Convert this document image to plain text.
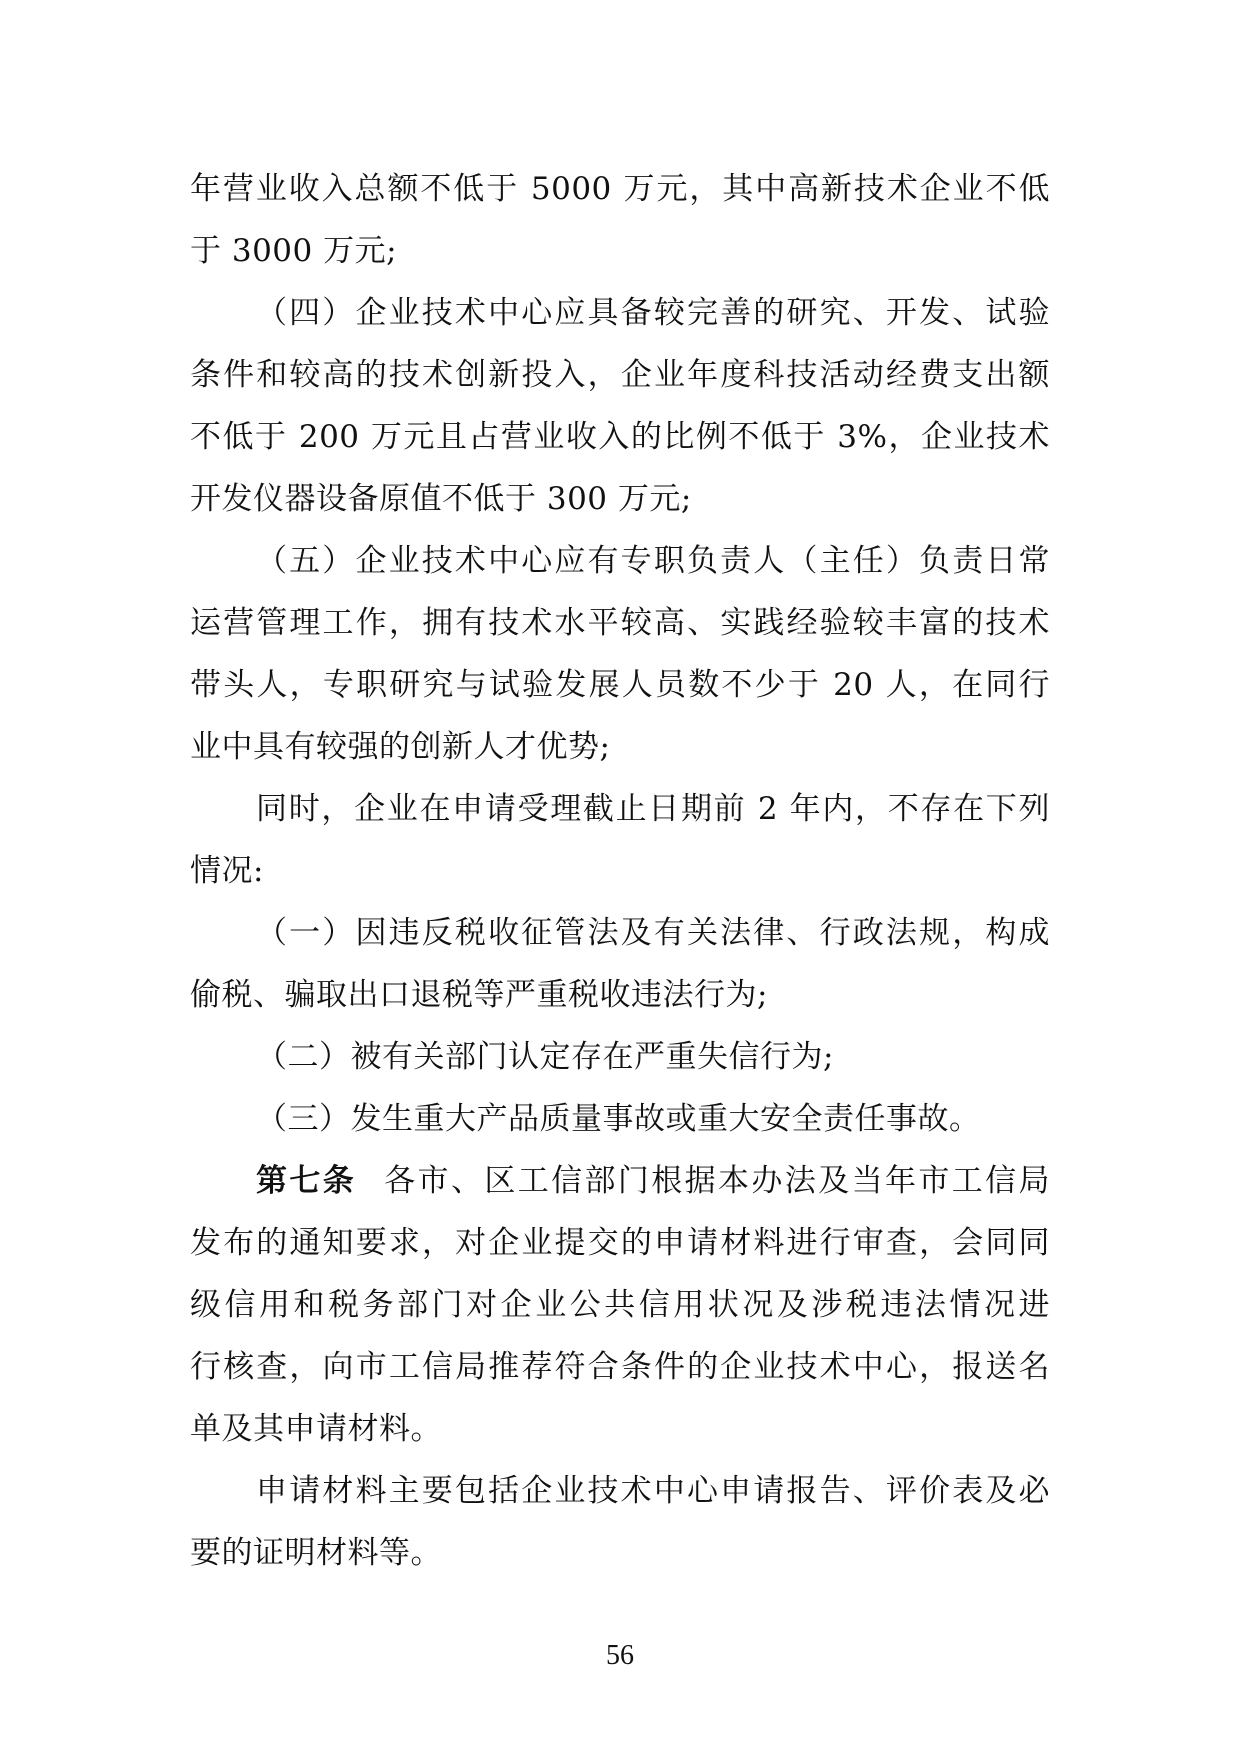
年营业收入总额不低于 5000 万元，其中高新技术企业不低
于 3000 万元;
（四）企业技术中心应具备较完善的研究、开发、试验
条件和较高的技术创新投入，企业年度科技活动经费支出额
不低于 200 万元且占营业收入的比例不低于 3%，企业技术
开发仪器设备原值不低于 300 万元;
（五）企业技术中心应有专职负责人（主任）负责日常
运营管理工作，拥有技术水平较高、实践经验较丰富的技术
带头人，专职研究与试验发展人员数不少于 20 人，在同行
业中具有较强的创新人才优势;
同时，企业在申请受理截止日期前 2 年内，不存在下列
情况:
（一）因违反税收征管法及有关法律、行政法规，构成
偷税、骗取出口退税等严重税收违法行为;
（二）被有关部门认定存在严重失信行为;
（三）发生重大产品质量事故或重大安全责任事故。
第七条 各市、区工信部门根据本办法及当年市工信局
发布的通知要求，对企业提交的申请材料进行审查，会同同
级信用和税务部门对企业公共信用状况及涉税违法情况进
行核查，向市工信局推荐符合条件的企业技术中心，报送名
单及其申请材料。
申请材料主要包括企业技术中心申请报告、评价表及必
要的证明材料等。
56
